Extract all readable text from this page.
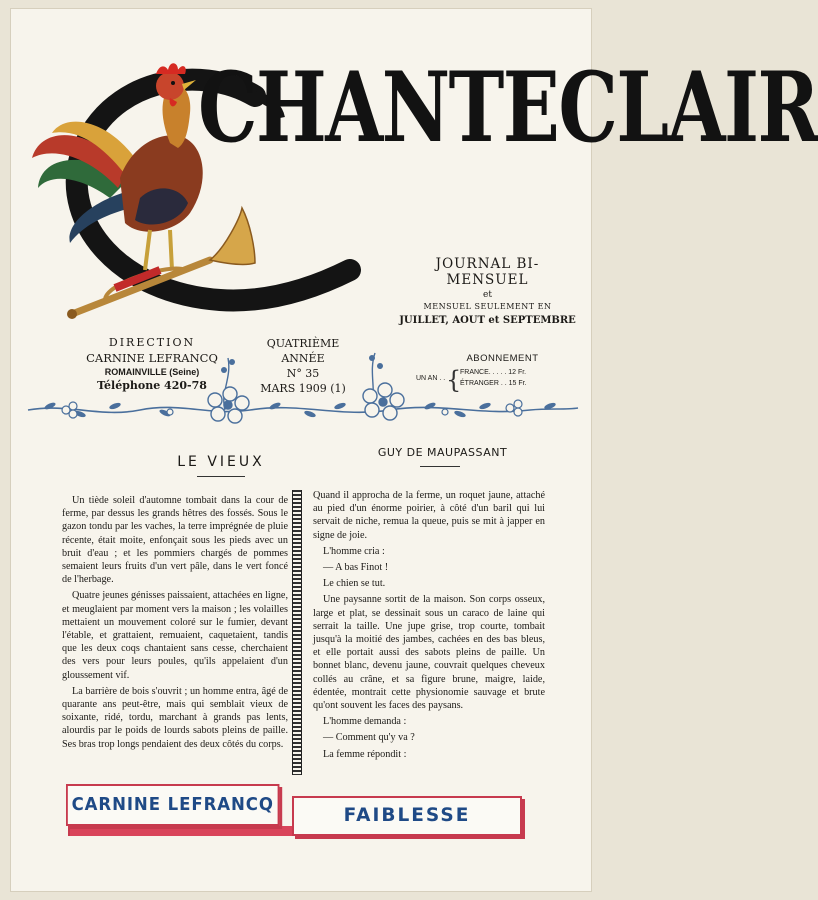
CHANTECLAIR
JOURNAL BI-MENSUEL
et
MENSUEL SEULEMENT EN
JUILLET, AOUT et SEPTEMBRE
DIRECTION
CARNINE LEFRANCQ
ROMAINVILLE (Seine)
Téléphone 420-78
QUATRIÈME ANNÉE
N° 35
MARS 1909 (1)
ABONNEMENT
UN AN . . {
FRANCE. . . . . 12 Fr.
ÉTRANGER . . 15 Fr.
LE VIEUX
GUY DE MAUPASSANT

Un tiède soleil d'automne tombait dans la cour de ferme, par dessus les grands hêtres des fossés. Sous le gazon tondu par les vaches, la terre imprégnée de pluie récente, était moite, enfonçait sous les pieds avec un bruit d'eau ; et les pommiers chargés de pommes semaient leurs fruits d'un vert pâle, dans le vert foncé de l'herbage.

Quatre jeunes génisses paissaient, attachées en ligne, et meuglaient par moment vers la maison ; les volailles mettaient un mouvement coloré sur le fumier, devant l'étable, et grattaient, remuaient, caquetaient, tandis que les deux coqs chantaient sans cesse, cherchaient des vers pour leurs poules, qu'ils appelaient d'un gloussement vif.

La barrière de bois s'ouvrit ; un homme entra, âgé de quarante ans peut-être, mais qui semblait vieux de soixante, ridé, tordu, marchant à grands pas lents, alourdis par le poids de lourds sabots pleins de paille. Ses bras trop longs pendaient des deux côtés du corps.

Quand il approcha de la ferme, un roquet jaune, attaché au pied d'un énorme poirier, à côté d'un baril qui lui servait de niche, remua la queue, puis se mit à japper en signe de joie.

L'homme cria :

— A bas Finot !

Le chien se tut.

Une paysanne sortit de la maison. Son corps osseux, large et plat, se dessinait sous un caraco de laine qui serrait la taille. Une jupe grise, trop courte, tombait jusqu'à la moitié des jambes, cachées en des bas bleus, et elle portait aussi des sabots pleins de paille. Un bonnet blanc, devenu jaune, couvrait quelques cheveux collés au crâne, et sa figure brune, maigre, laide, édentée, montrait cette physionomie sauvage et brute qu'ont souvent les faces des paysans.

L'homme demanda :

— Comment qu'y va ?

La femme répondit :

FAIBLESSE
CARNINE LEFRANCQ
